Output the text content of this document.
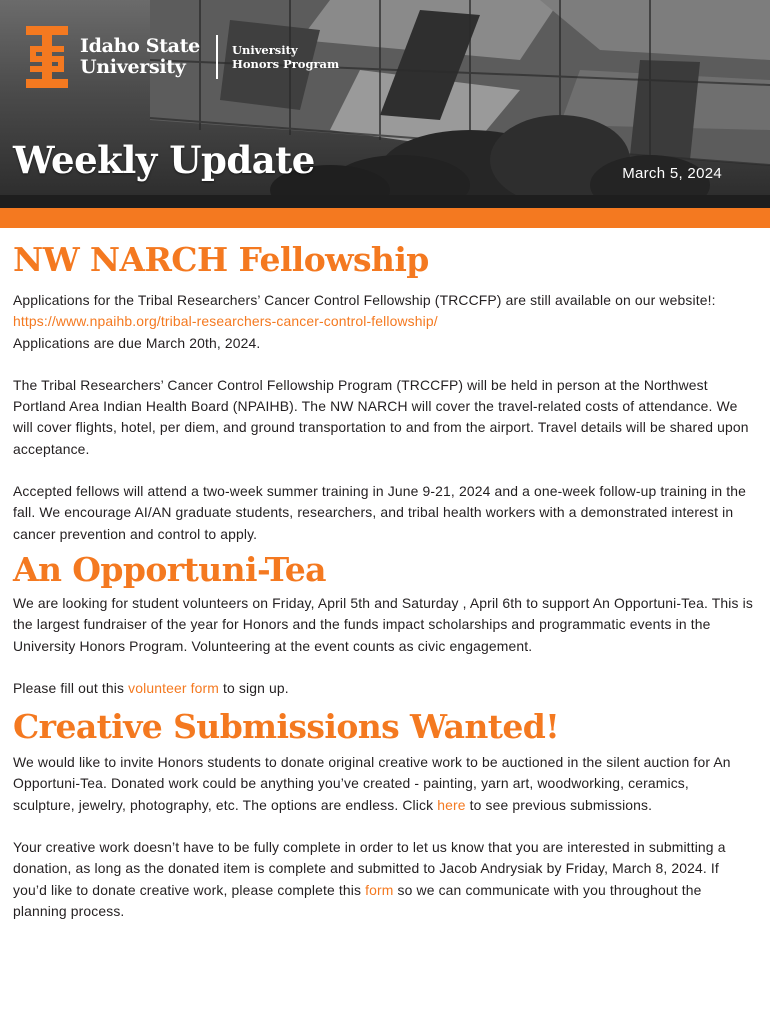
Idaho State
University
University
Honors Program
Weekly Update	March 5, 2024
NW NARCH Fellowship

Applications for the Tribal Researchers’ Cancer Control Fellowship (TRCCFP) are still available on our website!: https://www.npaihb.org/tribal-researchers-cancer-control-fellowship/
Applications are due March 20th, 2024.

The Tribal Researchers’ Cancer Control Fellowship Program (TRCCFP) will be held in person at the Northwest Portland Area Indian Health Board (NPAIHB). The NW NARCH will cover the travel-related costs of attendance. We will cover flights, hotel, per diem, and ground transportation to and from the airport. Travel details will be shared upon acceptance.

Accepted fellows will attend a two-week summer training in June 9-21, 2024 and a one-week follow-up training in the fall. We encourage AI/AN graduate students, researchers, and tribal health workers with a demonstrated interest in cancer prevention and control to apply.

An Opportuni-Tea

We are looking for student volunteers on Friday, April 5th and Saturday , April 6th to support An Opportuni-Tea. This is the largest fundraiser of the year for Honors and the funds impact scholarships and programmatic events in the University Honors Program. Volunteering at the event counts as civic engagement.

Please fill out this volunteer form to sign up.

Creative Submissions Wanted!

We would like to invite Honors students to donate original creative work to be auctioned in the silent auction for An Opportuni-Tea. Donated work could be anything you’ve created - painting, yarn art, woodworking, ceramics, sculpture, jewelry, photography, etc. The options are endless. Click here to see previous submissions.

Your creative work doesn’t have to be fully complete in order to let us know that you are interested in submitting a donation, as long as the donated item is complete and submitted to Jacob Andrysiak by Friday, March 8, 2024. If you’d like to donate creative work, please complete this form so we can communicate with you throughout the planning process.
